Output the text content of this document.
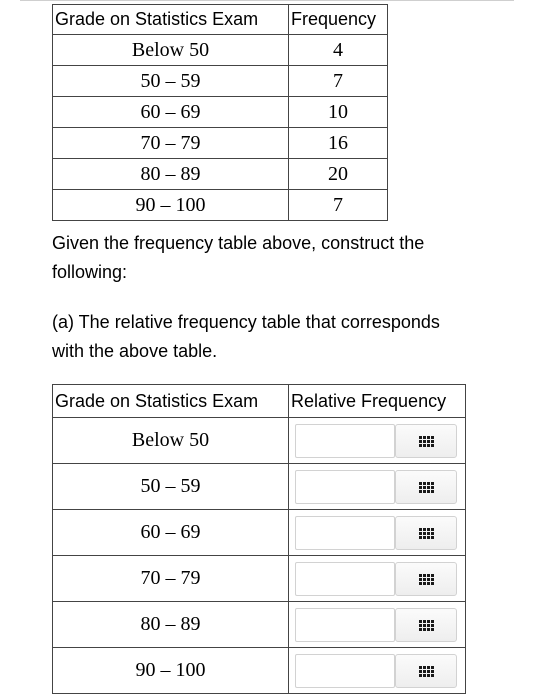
Grade on Statistics Exam	Frequency
Below 50	4
50 – 59	7
60 – 69	10
70 – 79	16
80 – 89	20
90 – 100	7

Given the frequency table above, construct the following:

(a) The relative frequency table that corresponds with the above table.

Grade on Statistics Exam	Relative Frequency
Below 50	

50 – 59	

60 – 69	

70 – 79	

80 – 89	

90 – 100	
